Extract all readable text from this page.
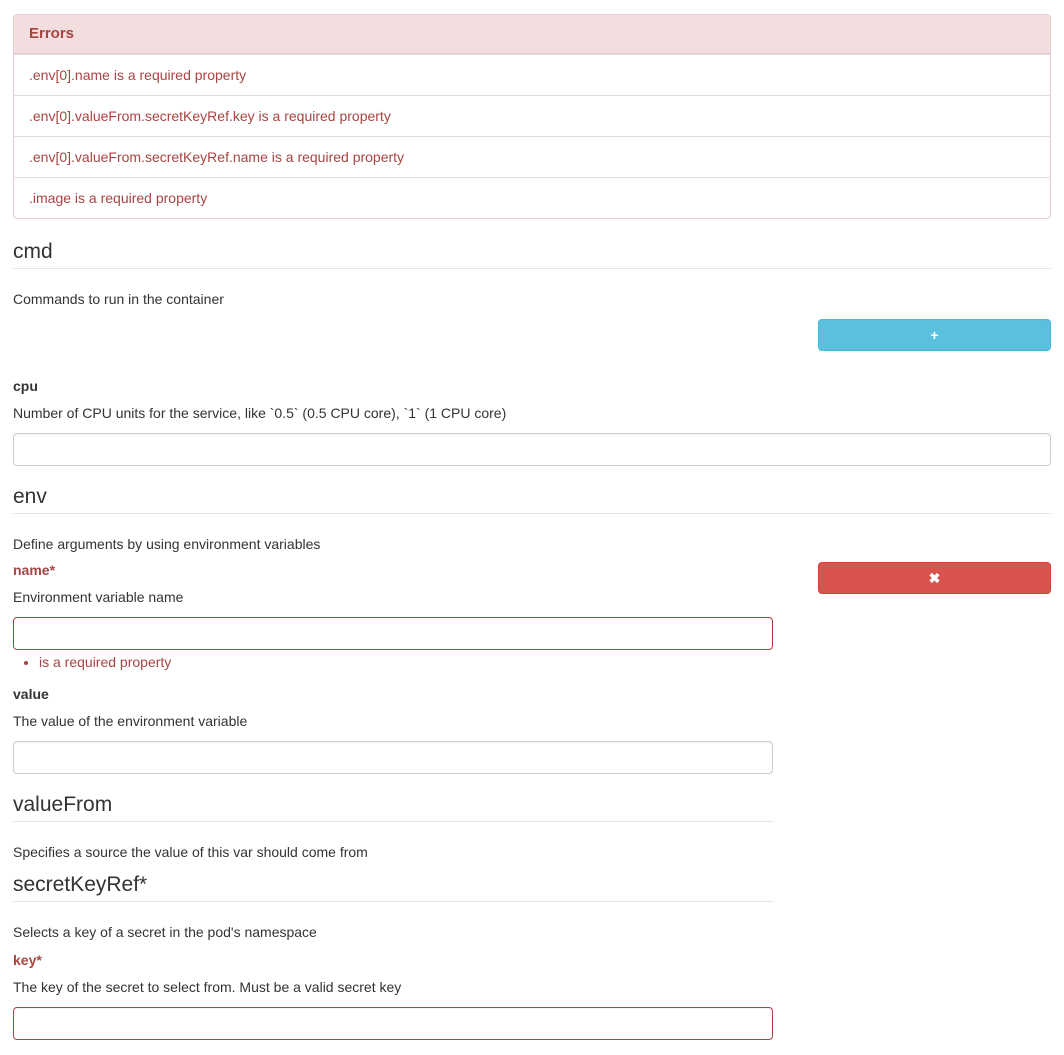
Errors
.env[0].name is a required property
.env[0].valueFrom.secretKeyRef.key is a required property
.env[0].valueFrom.secretKeyRef.name is a required property
.image is a required property
cmd

Commands to run in the container

+
cpu

Number of CPU units for the service, like `0.5` (0.5 CPU core), `1` (1 CPU core)

env

Define arguments by using environment variables

name*

Environment variable name

• is a required property
value

The value of the environment variable

valueFrom

Specifies a source the value of this var should come from

secretKeyRef*

Selects a key of a secret in the pod's namespace

key*

The key of the secret to select from. Must be a valid secret key

✖
